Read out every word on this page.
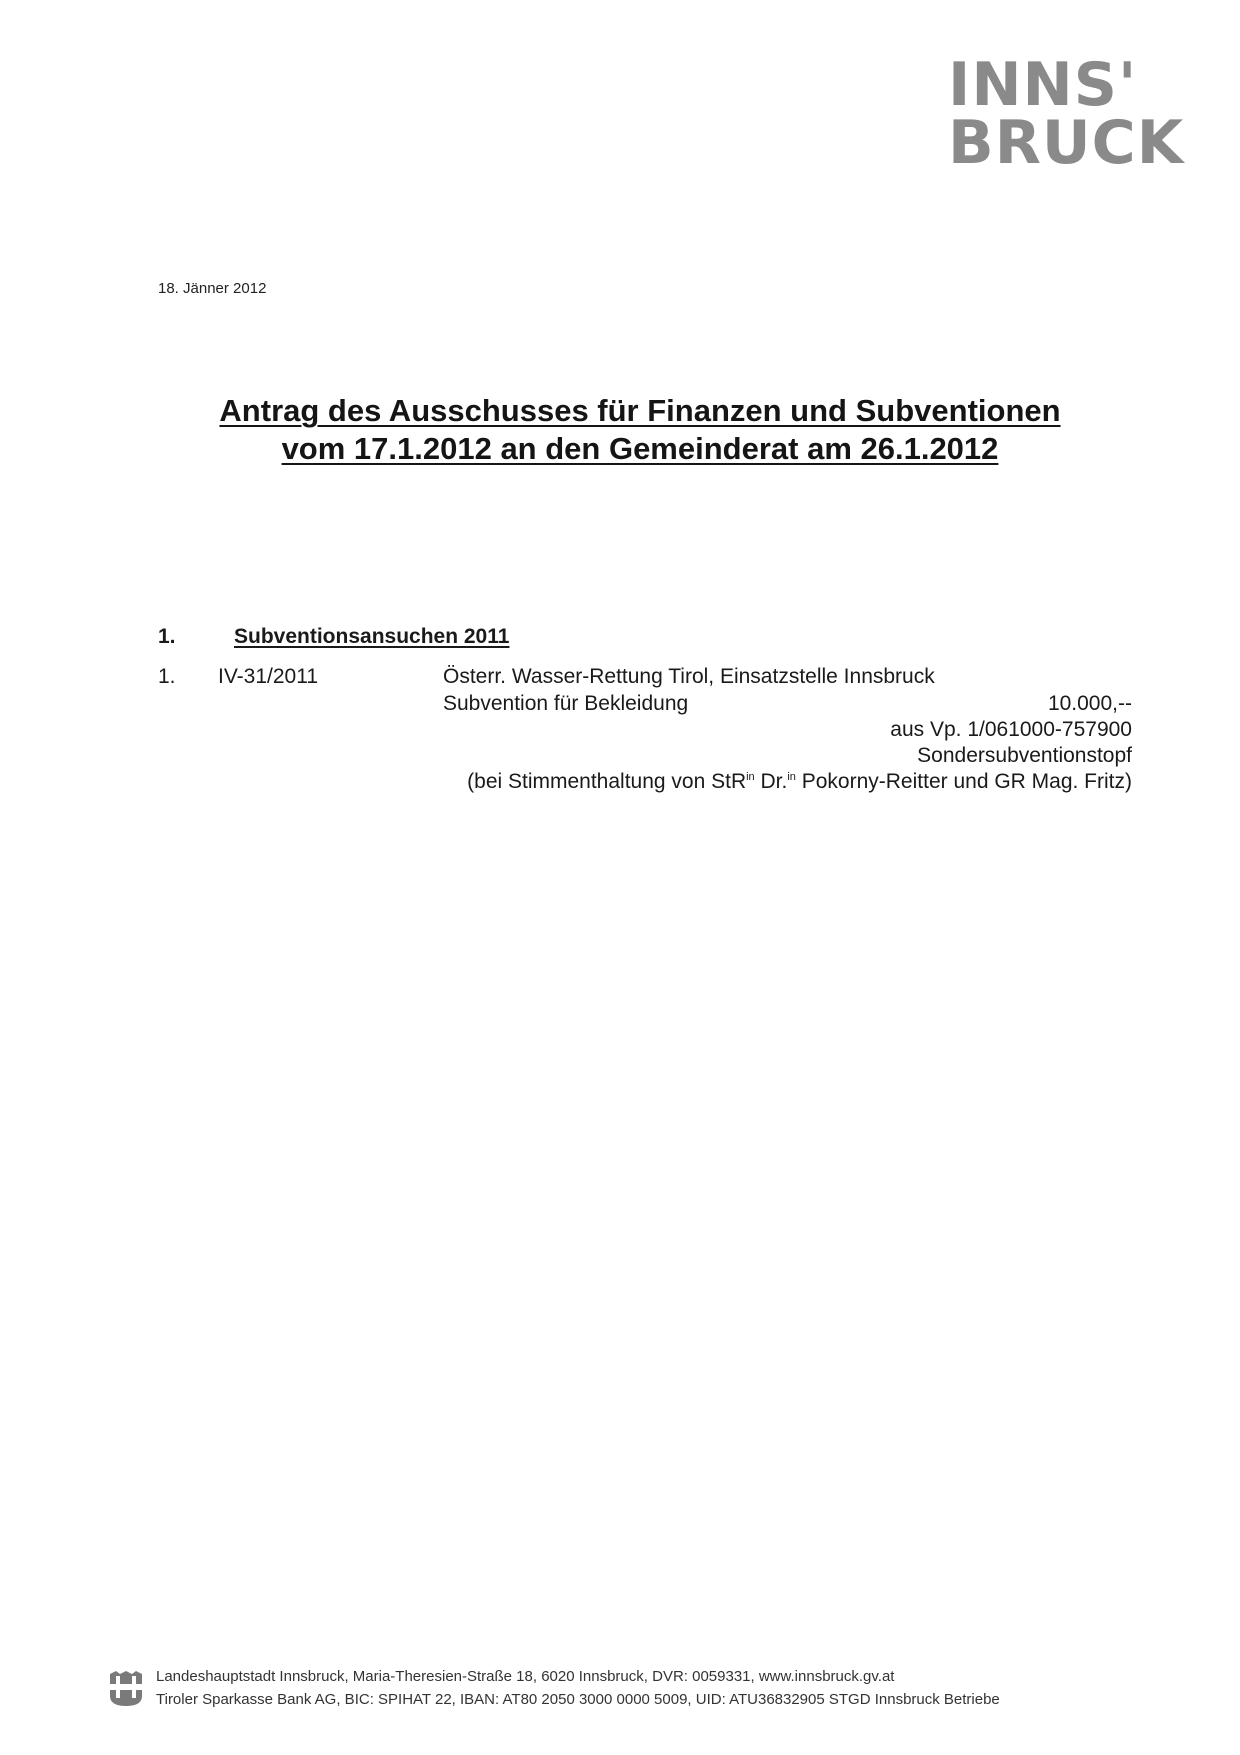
INNS'
BRUCK
18. Jänner 2012
Antrag des Ausschusses für Finanzen und Subventionen
vom 17.1.2012 an den Gemeinderat am 26.1.2012
1.	Subventionsansuchen 2011
1. IV-31/2011	Österr. Wasser-Rettung Tirol, Einsatzstelle Innsbruck
Subvention für Bekleidung	10.000,--
aus Vp. 1/061000-757900
Sondersubventionstopf
(bei Stimmenthaltung von StR$^{in}$ Dr.$^{in}$ Pokorny-Reitter und GR Mag. Fritz)
Landeshauptstadt Innsbruck, Maria-Theresien-Straße 18, 6020 Innsbruck, DVR: 0059331, www.innsbruck.gv.at
Tiroler Sparkasse Bank AG, BIC: SPIHAT 22, IBAN: AT80 2050 3000 0000 5009, UID: ATU36832905 STGD Innsbruck Betriebe
